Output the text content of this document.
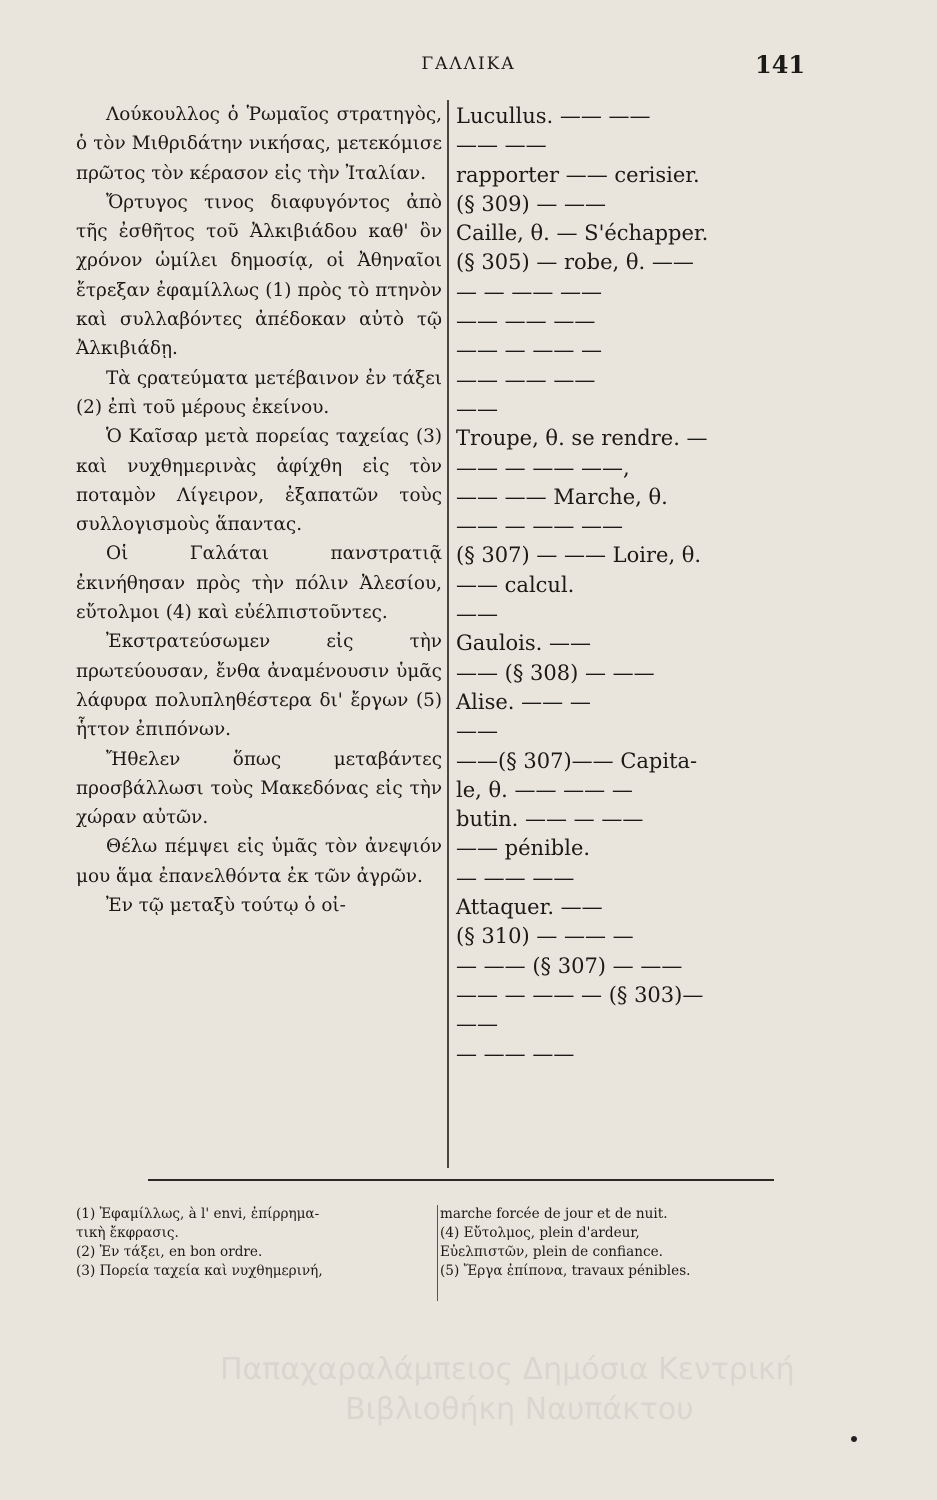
ΓΑΛΛΙΚΑ	141

Λούκουλλος ὁ Ῥωμαῖος στρατηγὸς, ὁ τὸν Μιθριδάτην νικήσας, μετεκόμισε πρῶτος τὸν κέρασον εἰς τὴν Ἰταλίαν.

Ὄρτυγος τινος διαφυγόντος ἀπὸ τῆς ἐσθῆτος τοῦ Ἀλκιβιάδου καθ' ὃν χρόνον ὡμίλει δημοσίᾳ, οἱ Ἀθηναῖοι ἔτρεξαν ἐφαμίλλως (1) πρὸς τὸ πτηνὸν καὶ συλλαβόντες ἀπέδοκαν αὐτὸ τῷ Ἀλκιβιάδῃ.

Τὰ ςρατεύματα μετέβαινον ἐν τάξει (2) ἐπὶ τοῦ μέρους ἐκείνου.

Ὁ Καῖσαρ μετὰ πορείας ταχείας (3) καὶ νυχθημερινὰς ἀφίχθη εἰς τὸν ποταμὸν Λίγειρον, ἐξαπατῶν τοὺς συλλογισμοὺς ἅπαντας.

Οἱ Γαλάται πανστρατιᾷ ἐκινήθησαν πρὸς τὴν πόλιν Ἀλεσίου, εὔτολμοι (4) καὶ εὐέλπιστοῦντες.

Ἐκστρατεύσωμεν εἰς τὴν πρωτεύουσαν, ἔνθα ἀναμένουσιν ὑμᾶς λάφυρα πολυπληθέστερα δι' ἔργων (5) ἧττον ἐπιπόνων.

Ἤθελεν ὅπως μεταβάντες προσβάλλωσι τοὺς Μακεδόνας εἰς τὴν χώραν αὐτῶν.

Θέλω πέμψει εἰς ὑμᾶς τὸν ἀνεψιόν μου ἅμα ἐπανελθόντα ἐκ τῶν ἀγρῶν.

Ἐν τῷ μεταξὺ τούτῳ ὁ οἰ-

Lucullus. —— ——
—— ——
rapporter —— cerisier.
(§ 309) — ——
Caille, θ. — S'échapper.
(§ 305) — robe, θ. ——
— — —— ——
—— —— ——
—— — —— —
—— —— ——
——
Troupe, θ. se rendre. —
—— — —— ——,
—— —— Marche, θ.
—— — —— ——
(§ 307) — —— Loire, θ.
—— calcul.
——
Gaulois. ——
—— (§ 308) — ——
Alise. —— —
——
——(§ 307)—— Capita-
le, θ. —— —— —
butin. —— — ——
—— pénible.
— —— ——
Attaquer. ——
(§ 310) — —— —
— —— (§ 307) — ——
—— — —— — (§ 303)—
——
— —— ——
(1) Ἐφαμίλλως, à l' envi, ἐπίρρημα-
τικὴ ἔκφρασις.
(2) Ἐν τάξει, en bon ordre.
(3) Πορεία ταχεία καὶ νυχθημερινή,
marche forcée de jour et de nuit.
(4) Εὔτολμος, plein d'ardeur,
Εὐελπιστῶν, plein de confiance.
(5) Ἔργα ἐπίπονα, travaux pénibles.
Παπαχαραλάμπειος Δημόσια Κεντρική
Βιβλιοθήκη Ναυπάκτου
